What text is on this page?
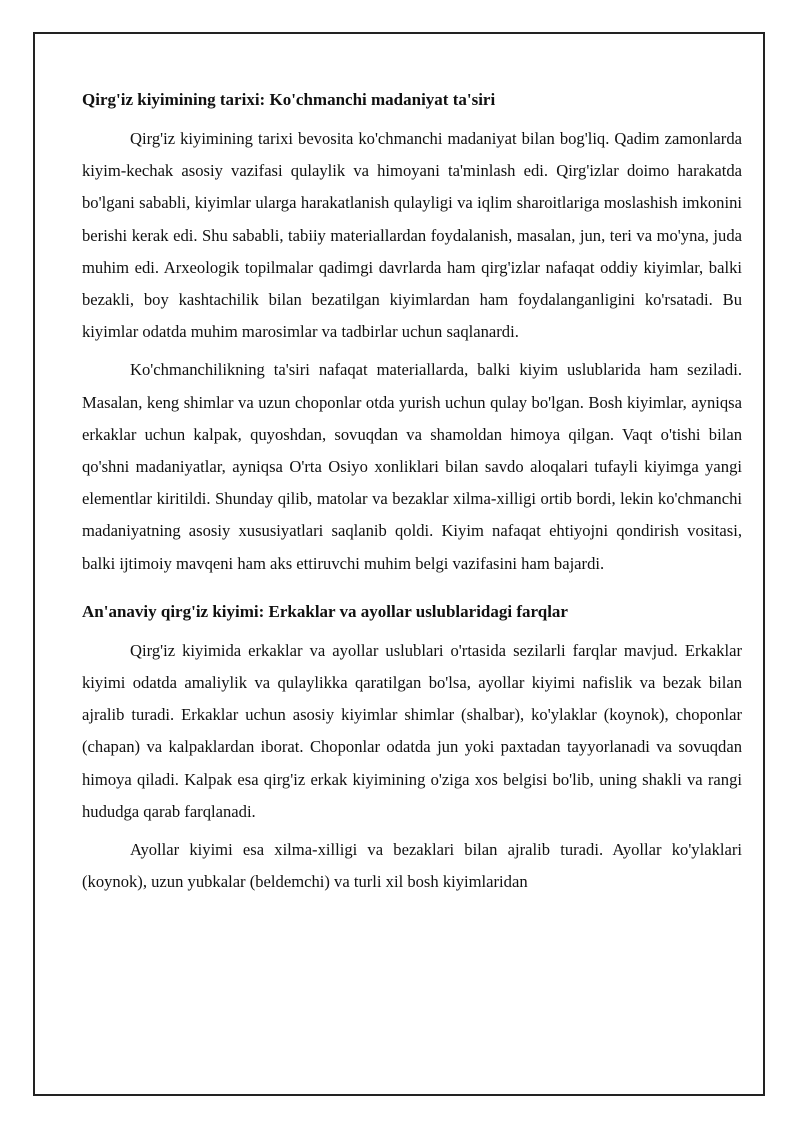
Qirg'iz kiyimining tarixi: Ko'chmanchi madaniyat ta'siri

Qirg'iz kiyimining tarixi bevosita ko'chmanchi madaniyat bilan bog'liq. Qadim zamonlarda kiyim-kechak asosiy vazifasi qulaylik va himoyani ta'minlash edi. Qirg'izlar doimo harakatda bo'lgani sababli, kiyimlar ularga harakatlanish qulayligi va iqlim sharoitlariga moslashish imkonini berishi kerak edi. Shu sababli, tabiiy materiallardan foydalanish, masalan, jun, teri va mo'yna, juda muhim edi. Arxeologik topilmalar qadimgi davrlarda ham qirg'izlar nafaqat oddiy kiyimlar, balki bezakli, boy kashtachilik bilan bezatilgan kiyimlardan ham foydalanganligini ko'rsatadi. Bu kiyimlar odatda muhim marosimlar va tadbirlar uchun saqlanardi.

Ko'chmanchilikning ta'siri nafaqat materiallarda, balki kiyim uslublarida ham seziladi. Masalan, keng shimlar va uzun choponlar otda yurish uchun qulay bo'lgan. Bosh kiyimlar, ayniqsa erkaklar uchun kalpak, quyoshdan, sovuqdan va shamoldan himoya qilgan. Vaqt o'tishi bilan qo'shni madaniyatlar, ayniqsa O'rta Osiyo xonliklari bilan savdo aloqalari tufayli kiyimga yangi elementlar kiritildi. Shunday qilib, matolar va bezaklar xilma-xilligi ortib bordi, lekin ko'chmanchi madaniyatning asosiy xususiyatlari saqlanib qoldi. Kiyim nafaqat ehtiyojni qondirish vositasi, balki ijtimoiy mavqeni ham aks ettiruvchi muhim belgi vazifasini ham bajardi.

An'anaviy qirg'iz kiyimi: Erkaklar va ayollar uslublaridagi farqlar

Qirg'iz kiyimida erkaklar va ayollar uslublari o'rtasida sezilarli farqlar mavjud. Erkaklar kiyimi odatda amaliylik va qulaylikka qaratilgan bo'lsa, ayollar kiyimi nafislik va bezak bilan ajralib turadi. Erkaklar uchun asosiy kiyimlar shimlar (shalbar), ko'ylaklar (koynok), choponlar (chapan) va kalpaklardan iborat. Choponlar odatda jun yoki paxtadan tayyorlanadi va sovuqdan himoya qiladi. Kalpak esa qirg'iz erkak kiyimining o'ziga xos belgisi bo'lib, uning shakli va rangi hududga qarab farqlanadi.

Ayollar kiyimi esa xilma-xilligi va bezaklari bilan ajralib turadi. Ayollar ko'ylaklari (koynok), uzun yubkalar (beldemchi) va turli xil bosh kiyimlaridan
